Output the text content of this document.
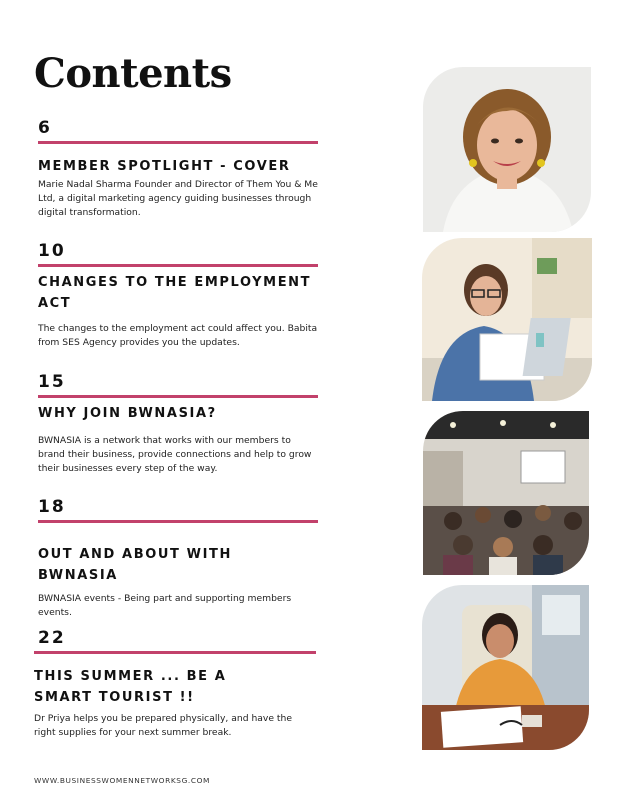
Contents
6
MEMBER SPOTLIGHT - COVER
Marie Nadal Sharma Founder and Director of Them You & Me Ltd, a digital marketing agency guiding businesses through digital transformation.
10
CHANGES TO THE EMPLOYMENT ACT
The changes to the employment act could affect you. Babita from SES Agency provides you the updates.
15
WHY JOIN BWNASIA?
BWNASIA is a network that works with our members to brand their business, provide connections and help to grow their businesses every step of the way.
18
OUT AND ABOUT WITH BWNASIA
BWNASIA events - Being part and supporting members events.
22
THIS SUMMER ... BE A SMART TOURIST !!
Dr Priya helps you be prepared physically, and have the right supplies for your next summer break.
WWW.BUSINESSWOMENNETWORKSG.COM
